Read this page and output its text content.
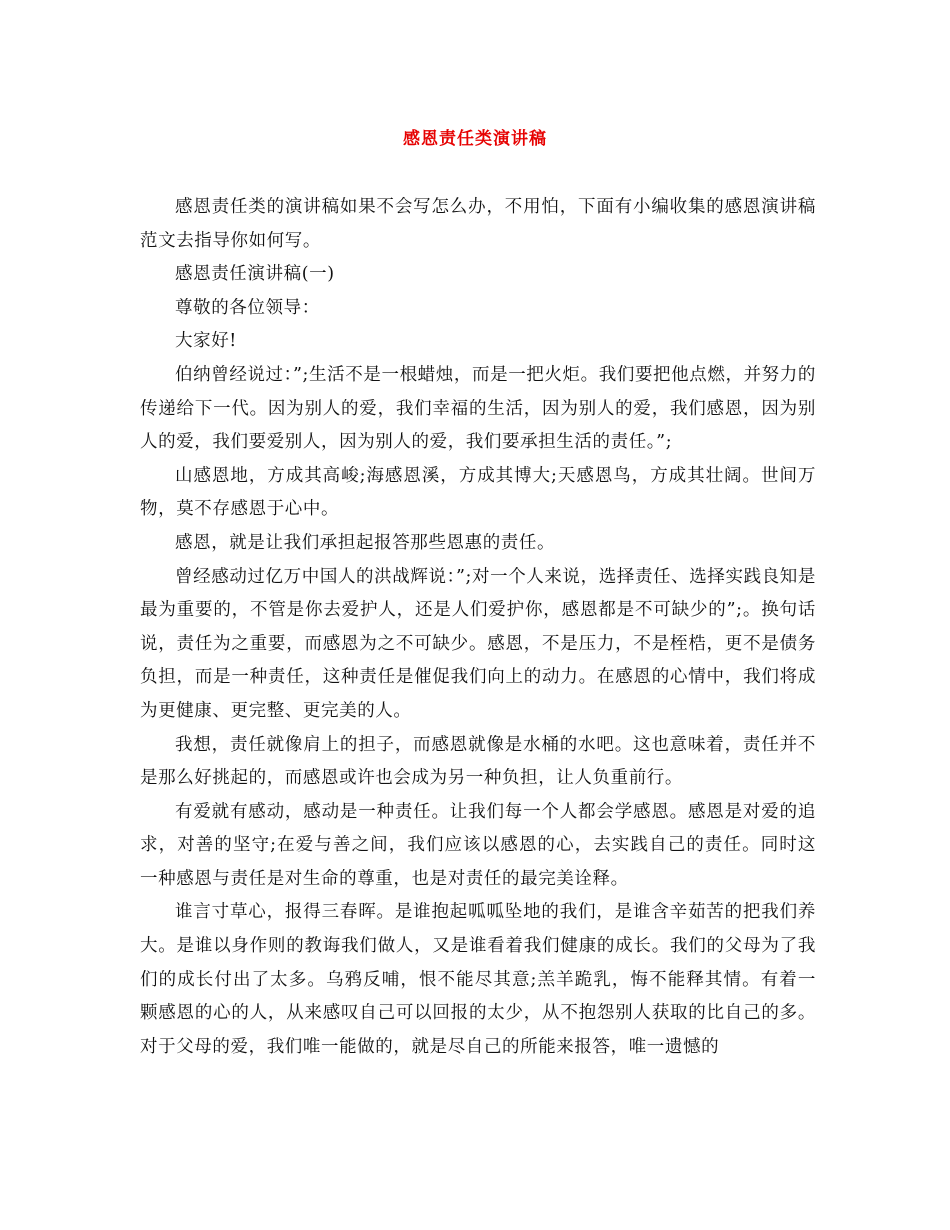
感恩责任类演讲稿

感恩责任类的演讲稿如果不会写怎么办，不用怕，下面有小编收集的感恩演讲稿范文去指导你如何写。

感恩责任演讲稿(一)

尊敬的各位领导：

大家好!

伯纳曾经说过：”;生活不是一根蜡烛，而是一把火炬。我们要把他点燃，并努力的传递给下一代。因为别人的爱，我们幸福的生活，因为别人的爱，我们感恩，因为别人的爱，我们要爱别人，因为别人的爱，我们要承担生活的责任。”;

山感恩地，方成其高峻;海感恩溪，方成其博大;天感恩鸟，方成其壮阔。世间万物，莫不存感恩于心中。

感恩，就是让我们承担起报答那些恩惠的责任。

曾经感动过亿万中国人的洪战辉说：”;对一个人来说，选择责任、选择实践良知是最为重要的，不管是你去爱护人，还是人们爱护你，感恩都是不可缺少的”;。换句话说，责任为之重要，而感恩为之不可缺少。感恩，不是压力，不是桎梏，更不是债务负担，而是一种责任，这种责任是催促我们向上的动力。在感恩的心情中，我们将成为更健康、更完整、更完美的人。

我想，责任就像肩上的担子，而感恩就像是水桶的水吧。这也意味着，责任并不是那么好挑起的，而感恩或许也会成为另一种负担，让人负重前行。

有爱就有感动，感动是一种责任。让我们每一个人都会学感恩。感恩是对爱的追求，对善的坚守;在爱与善之间，我们应该以感恩的心，去实践自己的责任。同时这一种感恩与责任是对生命的尊重，也是对责任的最完美诠释。

谁言寸草心，报得三春晖。是谁抱起呱呱坠地的我们，是谁含辛茹苦的把我们养大。是谁以身作则的教诲我们做人，又是谁看着我们健康的成长。我们的父母为了我们的成长付出了太多。乌鸦反哺，恨不能尽其意;羔羊跪乳，悔不能释其情。有着一颗感恩的心的人，从来感叹自己可以回报的太少，从不抱怨别人获取的比自己的多。对于父母的爱，我们唯一能做的，就是尽自己的所能来报答，唯一遗憾的
